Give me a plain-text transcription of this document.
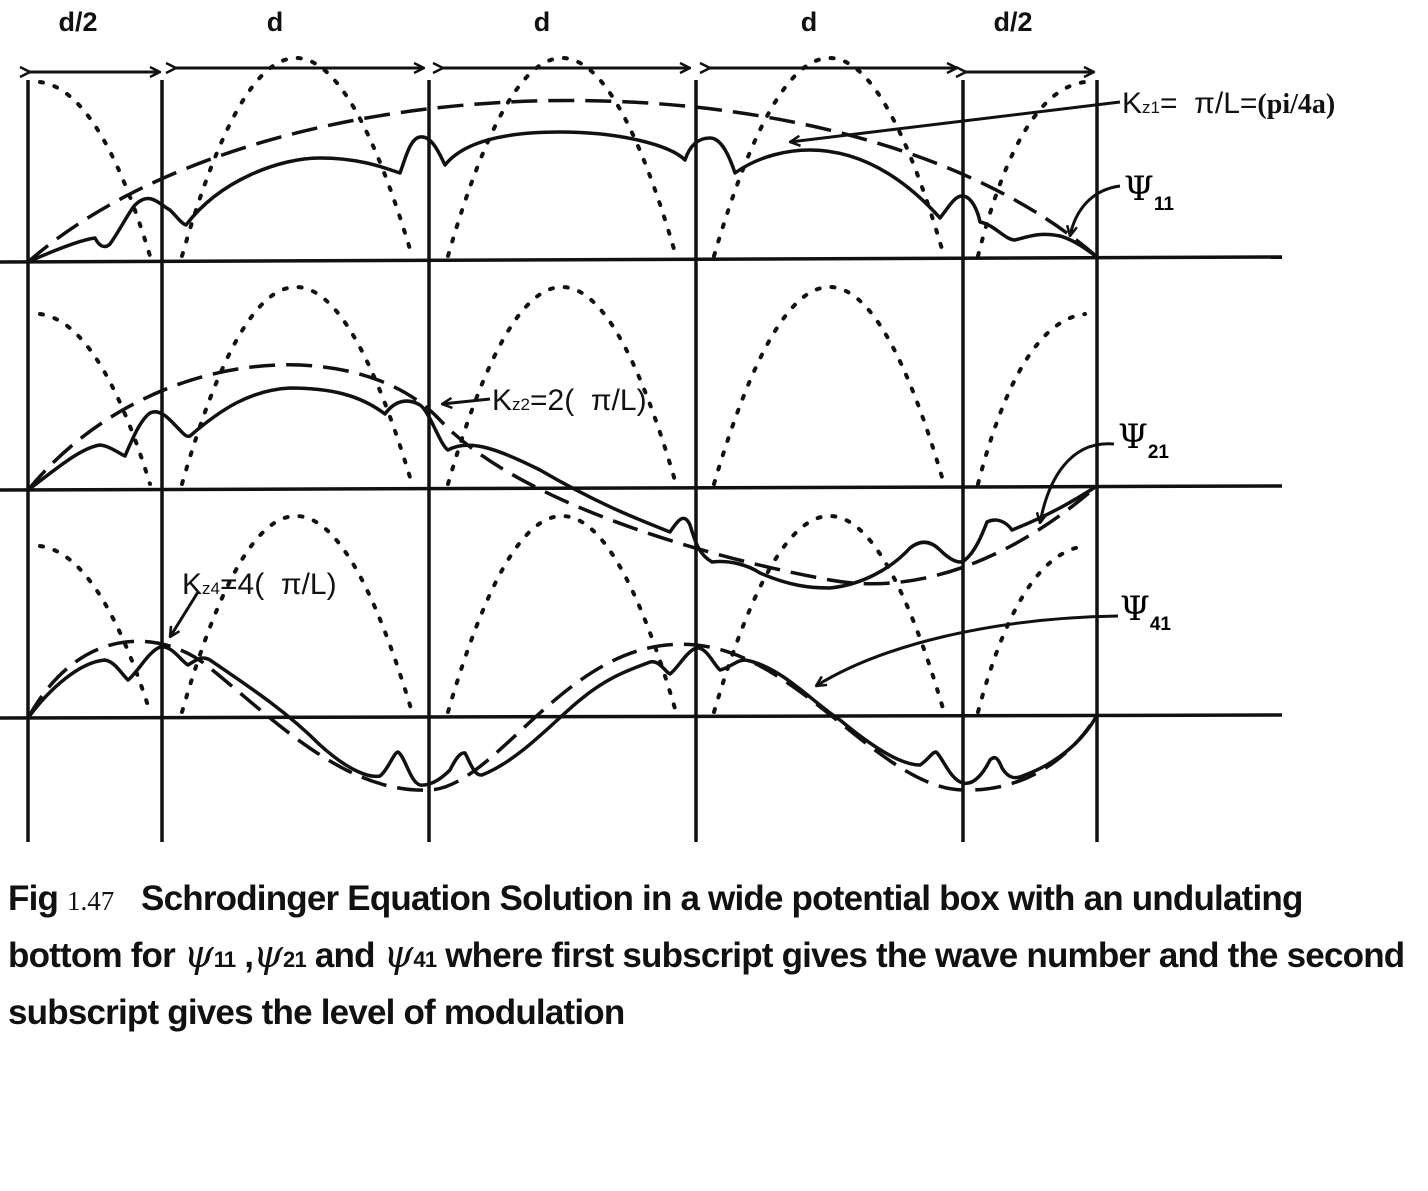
d/2	d	d	d	d/2
Kz1=  π/L=(pi/4a)
Kz2=2(  π/L)
Kz4=4(  π/L)
Ψ11
Ψ21
Ψ41

Fig 1.47   Schrodinger Equation Solution in a wide potential box with an undulating bottom for ψ11 ,ψ21 and ψ41 where first subscript gives the wave number and the second subscript gives the level of modulation
